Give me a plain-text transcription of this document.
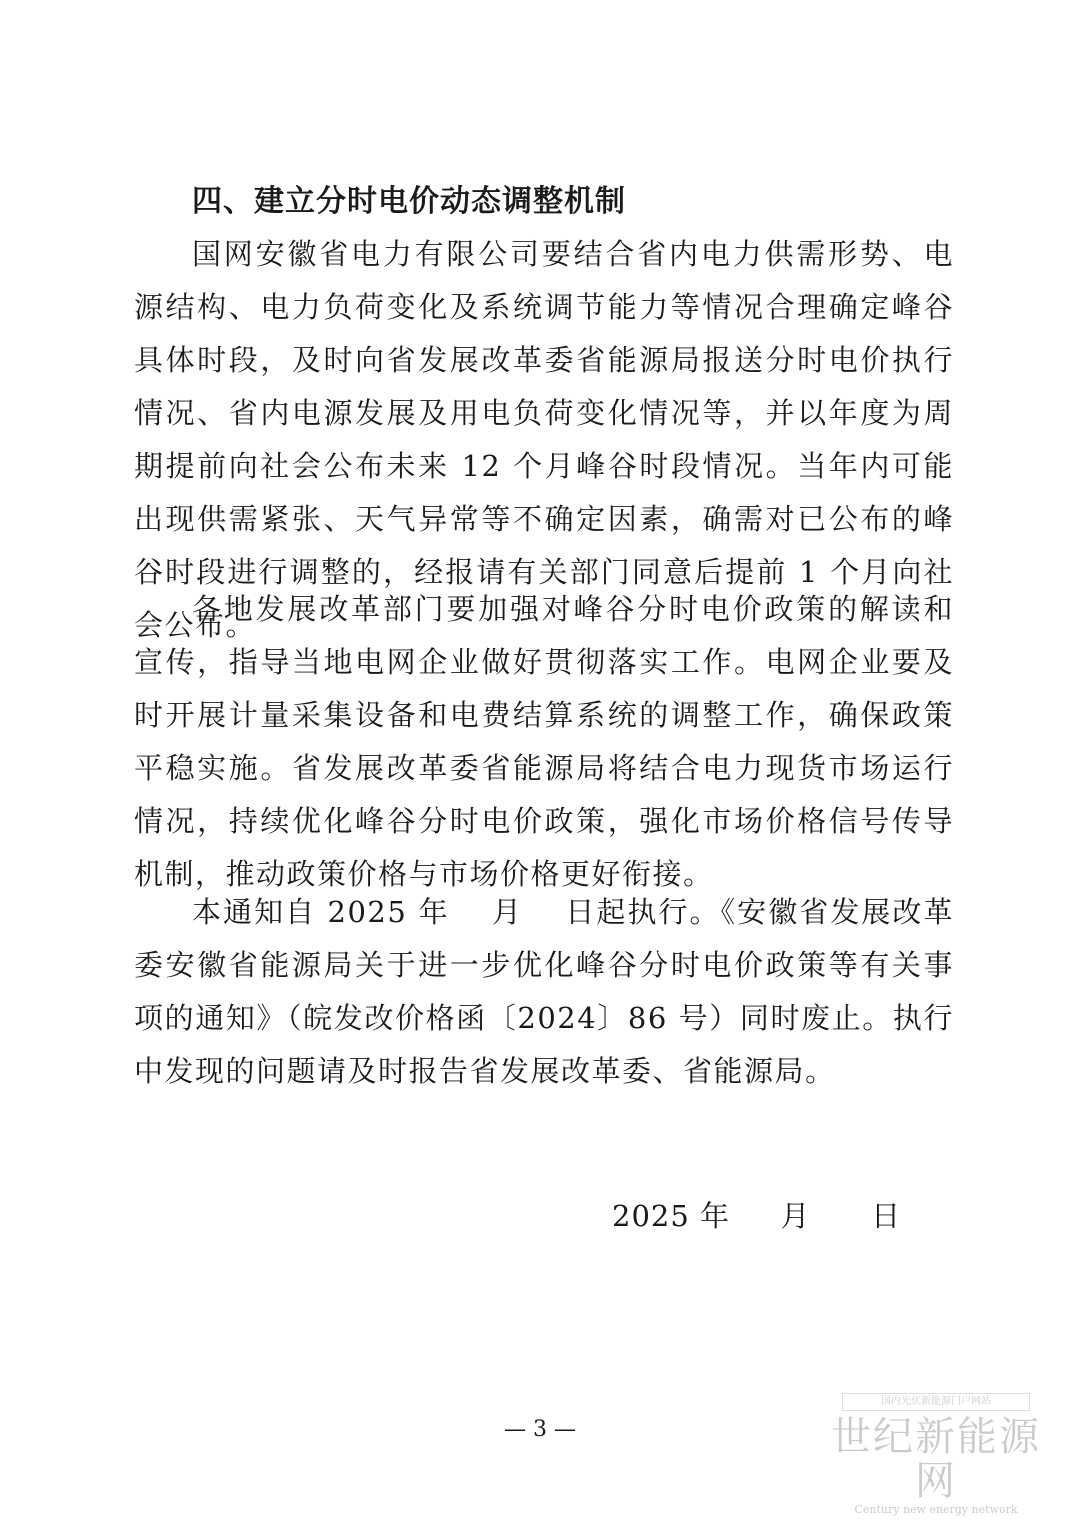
四、建立分时电价动态调整机制

国网安徽省电力有限公司要结合省内电力供需形势、电源结构、电力负荷变化及系统调节能力等情况合理确定峰谷具体时段，及时向省发展改革委省能源局报送分时电价执行情况、省内电源发展及用电负荷变化情况等，并以年度为周期提前向社会公布未来 12 个月峰谷时段情况。当年内可能出现供需紧张、天气异常等不确定因素，确需对已公布的峰谷时段进行调整的，经报请有关部门同意后提前 1 个月向社会公布。

各地发展改革部门要加强对峰谷分时电价政策的解读和宣传，指导当地电网企业做好贯彻落实工作。电网企业要及时开展计量采集设备和电费结算系统的调整工作，确保政策平稳实施。省发展改革委省能源局将结合电力现货市场运行情况，持续优化峰谷分时电价政策，强化市场价格信号传导机制，推动政策价格与市场价格更好衔接。

本通知自 2025 年　 月　 日起执行。《安徽省发展改革委安徽省能源局关于进一步优化峰谷分时电价政策等有关事项的通知》（皖发改价格函〔2024〕86 号）同时废止。执行中发现的问题请及时报告省发展改革委、省能源局。

2025 年　  月　   日

— 3 —

国内光伏新能源门户网站
世纪新能源网
Century new energy network
